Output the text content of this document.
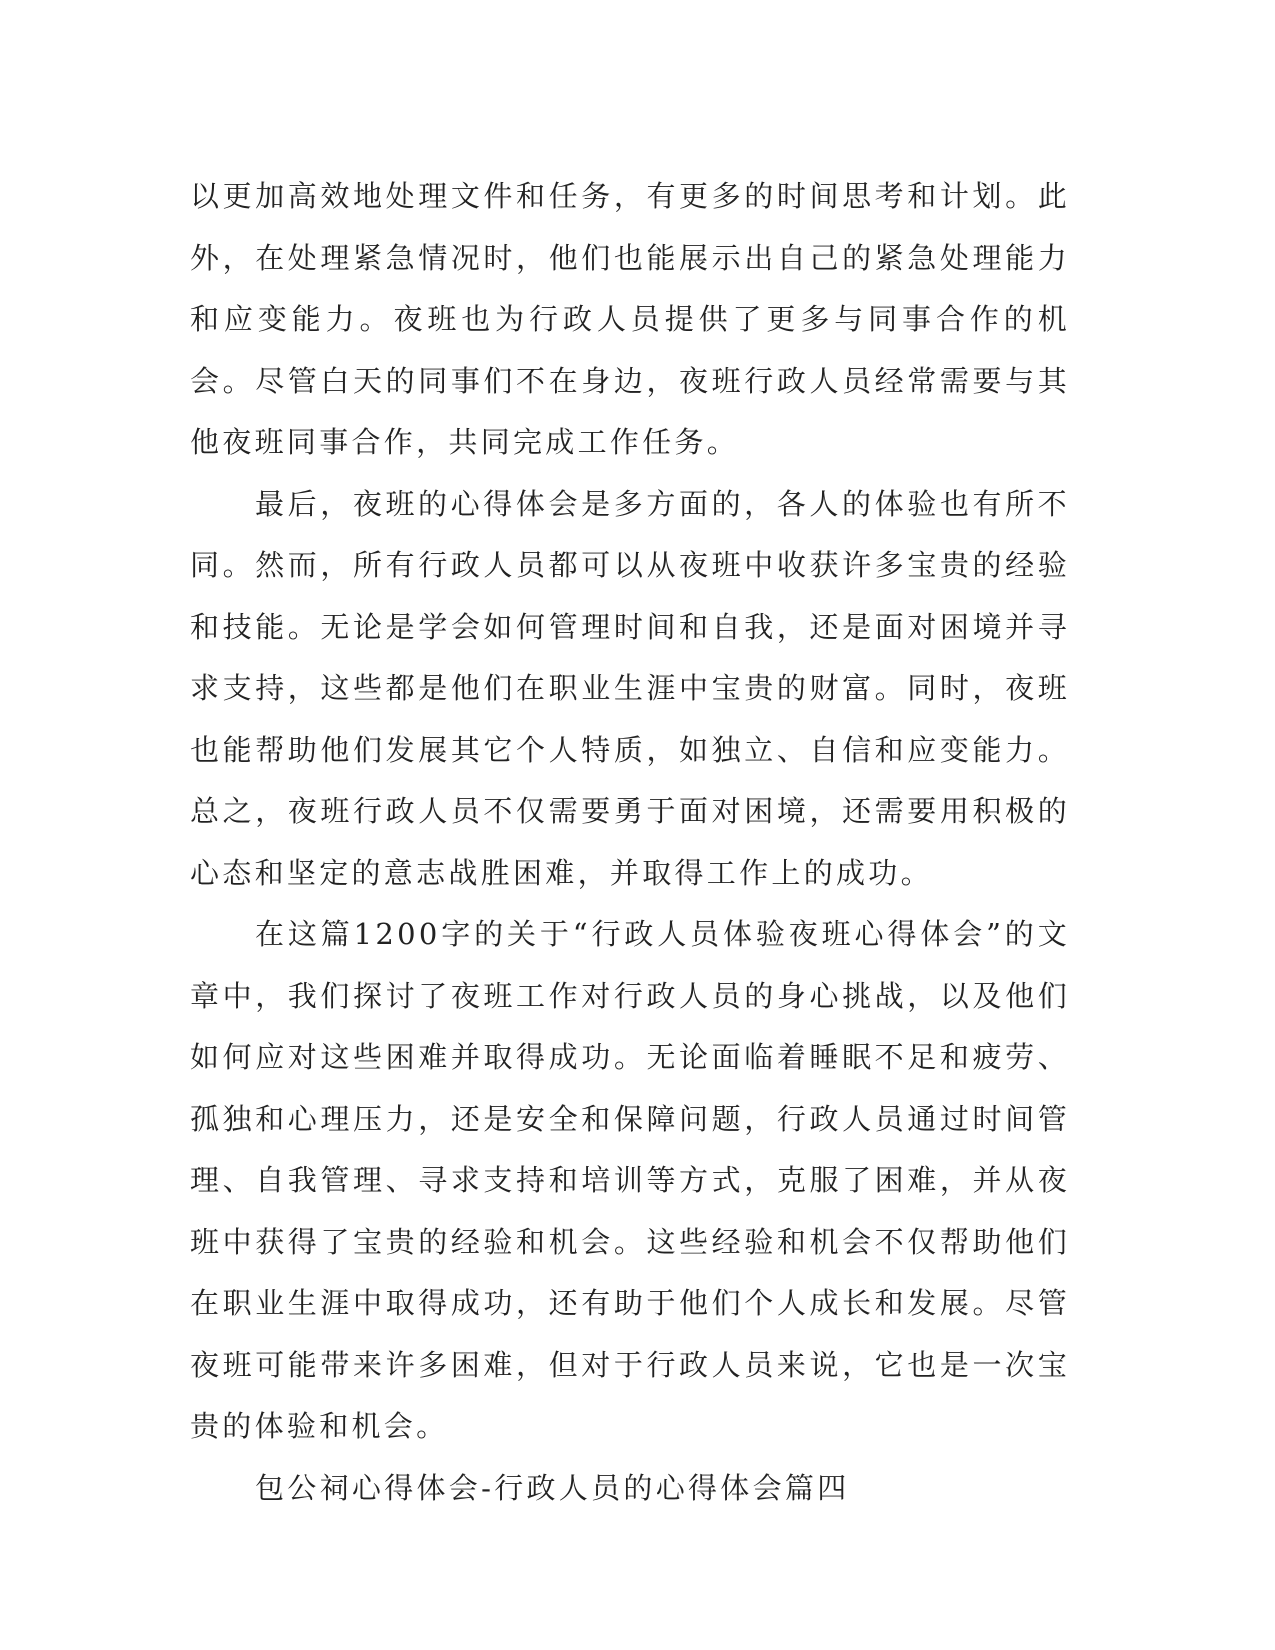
以更加高效地处理文件和任务，有更多的时间思考和计划。此外，在处理紧急情况时，他们也能展示出自己的紧急处理能力和应变能力。夜班也为行政人员提供了更多与同事合作的机会。尽管白天的同事们不在身边，夜班行政人员经常需要与其他夜班同事合作，共同完成工作任务。

最后，夜班的心得体会是多方面的，各人的体验也有所不同。然而，所有行政人员都可以从夜班中收获许多宝贵的经验和技能。无论是学会如何管理时间和自我，还是面对困境并寻求支持，这些都是他们在职业生涯中宝贵的财富。同时，夜班也能帮助他们发展其它个人特质，如独立、自信和应变能力。总之，夜班行政人员不仅需要勇于面对困境，还需要用积极的心态和坚定的意志战胜困难，并取得工作上的成功。

在这篇1200字的关于“行政人员体验夜班心得体会”的文章中，我们探讨了夜班工作对行政人员的身心挑战，以及他们如何应对这些困难并取得成功。无论面临着睡眠不足和疲劳、孤独和心理压力，还是安全和保障问题，行政人员通过时间管理、自我管理、寻求支持和培训等方式，克服了困难，并从夜班中获得了宝贵的经验和机会。这些经验和机会不仅帮助他们在职业生涯中取得成功，还有助于他们个人成长和发展。尽管夜班可能带来许多困难，但对于行政人员来说，它也是一次宝贵的体验和机会。

包公祠心得体会-行政人员的心得体会篇四
